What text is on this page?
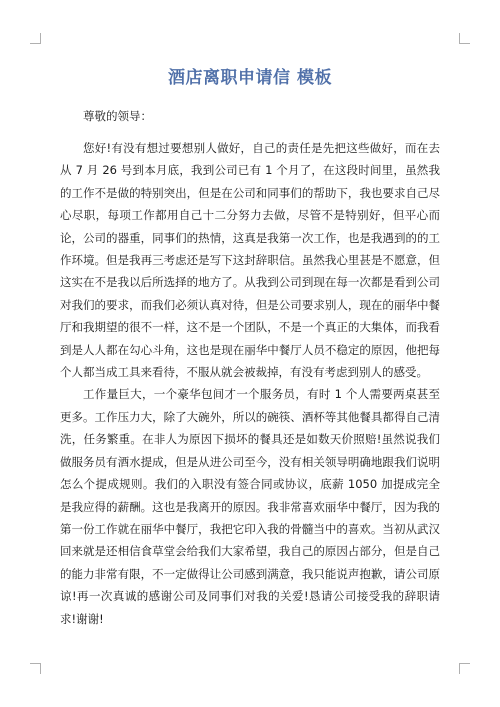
酒店离职申请信 模板
尊敬的领导：

您好!有没有想过要想别人做好，自己的责任是先把这些做好，而在去从 7 月 26 号到本月底，我到公司已有 1 个月了，在这段时间里，虽然我的工作不是做的特别突出，但是在公司和同事们的帮助下，我也要求自己尽心尽职，每项工作都用自己十二分努力去做，尽管不是特别好，但平心而论，公司的器重，同事们的热情，这真是我第一次工作，也是我遇到的的工作环境。但是我再三考虑还是写下这封辞职信。虽然我心里甚是不愿意，但这实在不是我以后所选择的地方了。从我到公司到现在每一次都是看到公司对我们的要求，而我们必须认真对待，但是公司要求别人，现在的丽华中餐厅和我期望的很不一样，这不是一个团队，不是一个真正的大集体，而我看到是人人都在勾心斗角，这也是现在丽华中餐厅人员不稳定的原因，他把每个人都当成工具来看待，不服从就会被裁掉，有没有考虑到别人的感受。

工作量巨大，一个豪华包间才一个服务员，有时 1 个人需要两桌甚至更多。工作压力大，除了大碗外，所以的碗筷、酒杯等其他餐具都得自己清洗，任务繁重。在非人为原因下损坏的餐具还是如数天价照赔!虽然说我们做服务员有酒水提成，但是从进公司至今，没有相关领导明确地跟我们说明怎么个提成规则。我们的入职没有签合同或协议，底薪 1050 加提成完全是我应得的薪酬。这也是我离开的原因。我非常喜欢丽华中餐厅，因为我的第一份工作就在丽华中餐厅，我把它印入我的骨髓当中的喜欢。当初从武汉回来就是还相信食草堂会给我们大家希望，我自己的原因占部分，但是自己的能力非常有限，不一定做得让公司感到满意，我只能说声抱歉，请公司原谅!再一次真诚的感谢公司及同事们对我的关爱!恳请公司接受我的辞职请求!谢谢!
